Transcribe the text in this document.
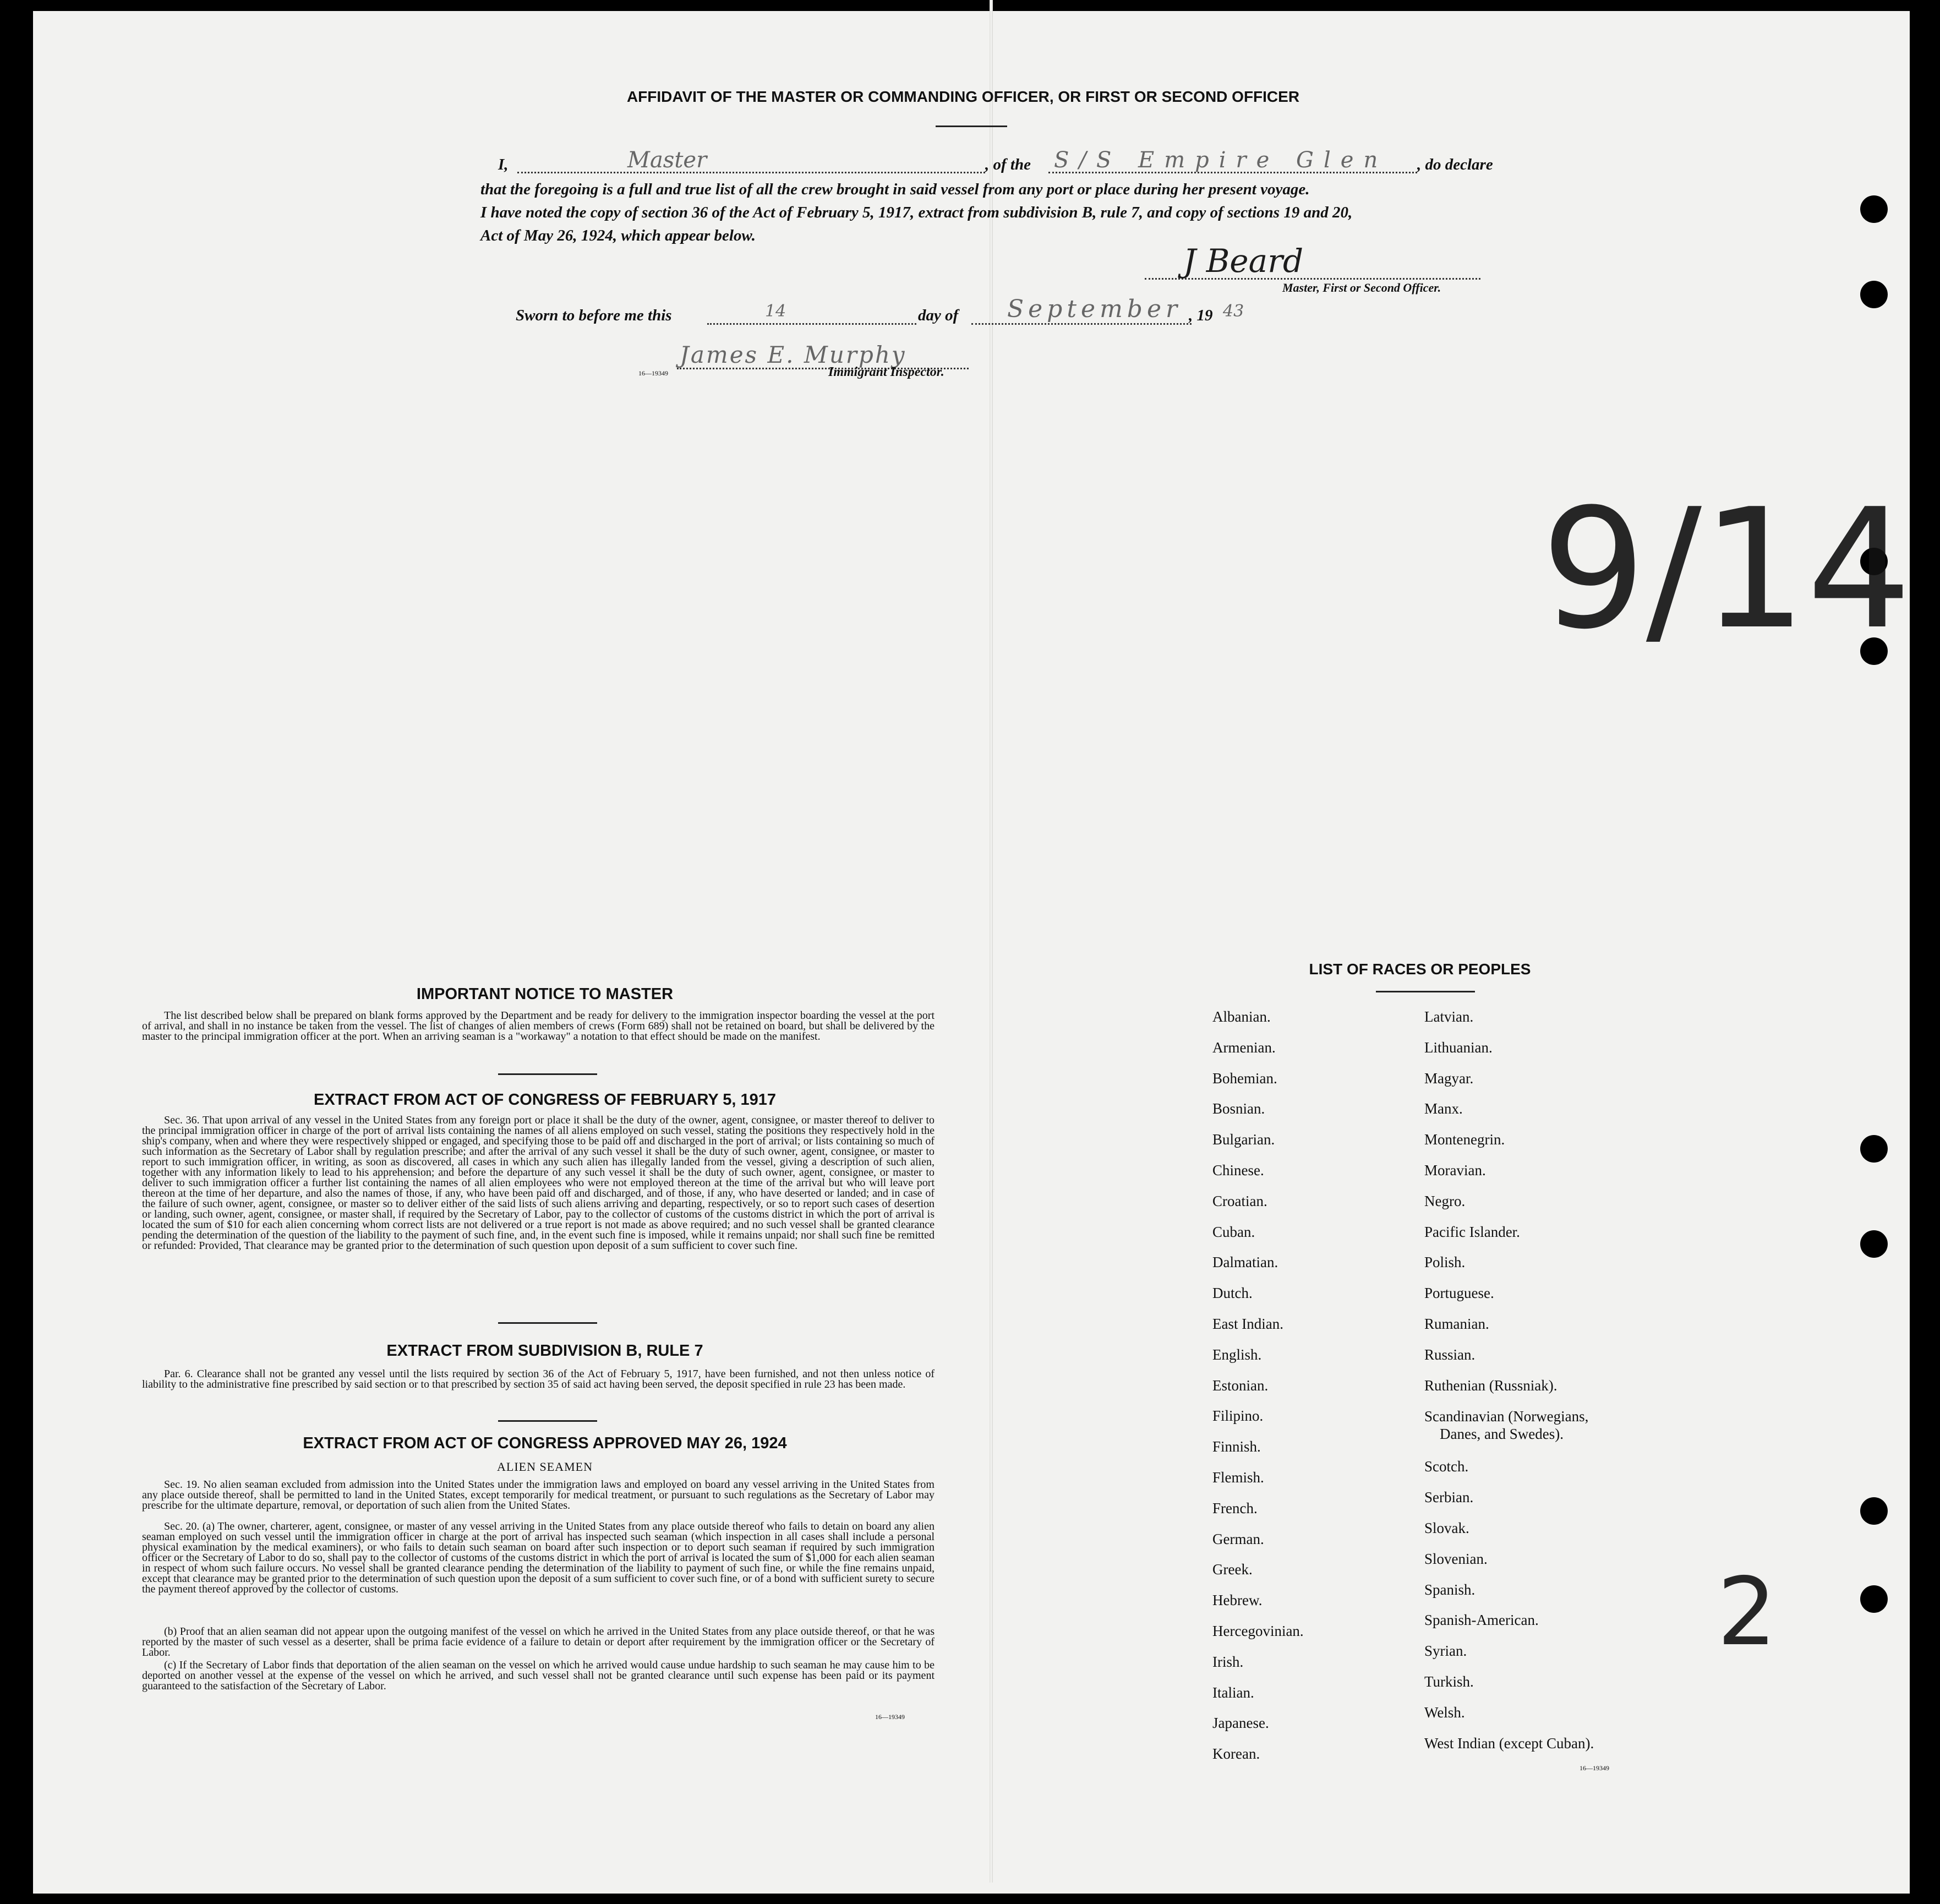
AFFIDAVIT OF THE MASTER OR COMMANDING OFFICER, OR FIRST OR SECOND OFFICER
I,	, of the	, do declare
Master	S/S Empire Glen
that the foregoing is a full and true list of all the crew brought in said vessel from any port or place during her present voyage.
I have noted the copy of section 36 of the Act of February 5, 1917, extract from subdivision B, rule 7, and copy of sections 19 and 20,
Act of May 26, 1924, which appear below.
J Beard
Master, First or Second Officer.
Sworn to before me this	14	day of September , 19 43
James E. Murphy
16—19349	Immigrant Inspector.
9/14
2
IMPORTANT NOTICE TO MASTER
The list described below shall be prepared on blank forms approved by the Department and be ready for delivery to the immigration inspector boarding the vessel at the port of arrival, and shall in no instance be taken from the vessel. The list of changes of alien members of crews (Form 689) shall not be retained on board, but shall be delivered by the master to the principal immigration officer at the port. When an arriving seaman is a "workaway" a notation to that effect should be made on the manifest.
EXTRACT FROM ACT OF CONGRESS OF FEBRUARY 5, 1917
Sec. 36. That upon arrival of any vessel in the United States from any foreign port or place it shall be the duty of the owner, agent, consignee, or master thereof to deliver to the principal immigration officer in charge of the port of arrival lists containing the names of all aliens employed on such vessel, stating the positions they respectively hold in the ship's company, when and where they were respectively shipped or engaged, and specifying those to be paid off and discharged in the port of arrival; or lists containing so much of such information as the Secretary of Labor shall by regulation prescribe; and after the arrival of any such vessel it shall be the duty of such owner, agent, consignee, or master to report to such immigration officer, in writing, as soon as discovered, all cases in which any such alien has illegally landed from the vessel, giving a description of such alien, together with any information likely to lead to his apprehension; and before the departure of any such vessel it shall be the duty of such owner, agent, consignee, or master to deliver to such immigration officer a further list containing the names of all alien employees who were not employed thereon at the time of the arrival but who will leave port thereon at the time of her departure, and also the names of those, if any, who have been paid off and discharged, and of those, if any, who have deserted or landed; and in case of the failure of such owner, agent, consignee, or master so to deliver either of the said lists of such aliens arriving and departing, respectively, or so to report such cases of desertion or landing, such owner, agent, consignee, or master shall, if required by the Secretary of Labor, pay to the collector of customs of the customs district in which the port of arrival is located the sum of $10 for each alien concerning whom correct lists are not delivered or a true report is not made as above required; and no such vessel shall be granted clearance pending the determination of the question of the liability to the payment of such fine, and, in the event such fine is imposed, while it remains unpaid; nor shall such fine be remitted or refunded: Provided, That clearance may be granted prior to the determination of such question upon deposit of a sum sufficient to cover such fine.
EXTRACT FROM SUBDIVISION B, RULE 7
Par. 6. Clearance shall not be granted any vessel until the lists required by section 36 of the Act of February 5, 1917, have been furnished, and not then unless notice of liability to the administrative fine prescribed by said section or to that prescribed by section 35 of said act having been served, the deposit specified in rule 23 has been made.
EXTRACT FROM ACT OF CONGRESS APPROVED MAY 26, 1924
ALIEN SEAMEN
Sec. 19. No alien seaman excluded from admission into the United States under the immigration laws and employed on board any vessel arriving in the United States from any place outside thereof, shall be permitted to land in the United States, except temporarily for medical treatment, or pursuant to such regulations as the Secretary of Labor may prescribe for the ultimate departure, removal, or deportation of such alien from the United States.
Sec. 20. (a) The owner, charterer, agent, consignee, or master of any vessel arriving in the United States from any place outside thereof who fails to detain on board any alien seaman employed on such vessel until the immigration officer in charge at the port of arrival has inspected such seaman (which inspection in all cases shall include a personal physical examination by the medical examiners), or who fails to detain such seaman on board after such inspection or to deport such seaman if required by such immigration officer or the Secretary of Labor to do so, shall pay to the collector of customs of the customs district in which the port of arrival is located the sum of $1,000 for each alien seaman in respect of whom such failure occurs. No vessel shall be granted clearance pending the determination of the liability to payment of such fine, or while the fine remains unpaid, except that clearance may be granted prior to the determination of such question upon the deposit of a sum sufficient to cover such fine, or of a bond with sufficient surety to secure the payment thereof approved by the collector of customs.
(b) Proof that an alien seaman did not appear upon the outgoing manifest of the vessel on which he arrived in the United States from any place outside thereof, or that he was reported by the master of such vessel as a deserter, shall be prima facie evidence of a failure to detain or deport after requirement by the immigration officer or the Secretary of Labor.
(c) If the Secretary of Labor finds that deportation of the alien seaman on the vessel on which he arrived would cause undue hardship to such seaman he may cause him to be deported on another vessel at the expense of the vessel on which he arrived, and such vessel shall not be granted clearance until such expense has been paid or its payment guaranteed to the satisfaction of the Secretary of Labor.
16—19349
LIST OF RACES OR PEOPLES
Albanian.
Armenian.
Bohemian.
Bosnian.
Bulgarian.
Chinese.
Croatian.
Cuban.
Dalmatian.
Dutch.
East Indian.
English.
Estonian.
Filipino.
Finnish.
Flemish.
French.
German.
Greek.
Hebrew.
Hercegovinian.
Irish.
Italian.
Japanese.
Korean.
Latvian.
Lithuanian.
Magyar.
Manx.
Montenegrin.
Moravian.
Negro.
Pacific Islander.
Polish.
Portuguese.
Rumanian.
Russian.
Ruthenian (Russniak).
Scandinavian (Norwegians,
Danes, and Swedes).
Scotch.
Serbian.
Slovak.
Slovenian.
Spanish.
Spanish-American.
Syrian.
Turkish.
Welsh.
West Indian (except Cuban).
16—19349
